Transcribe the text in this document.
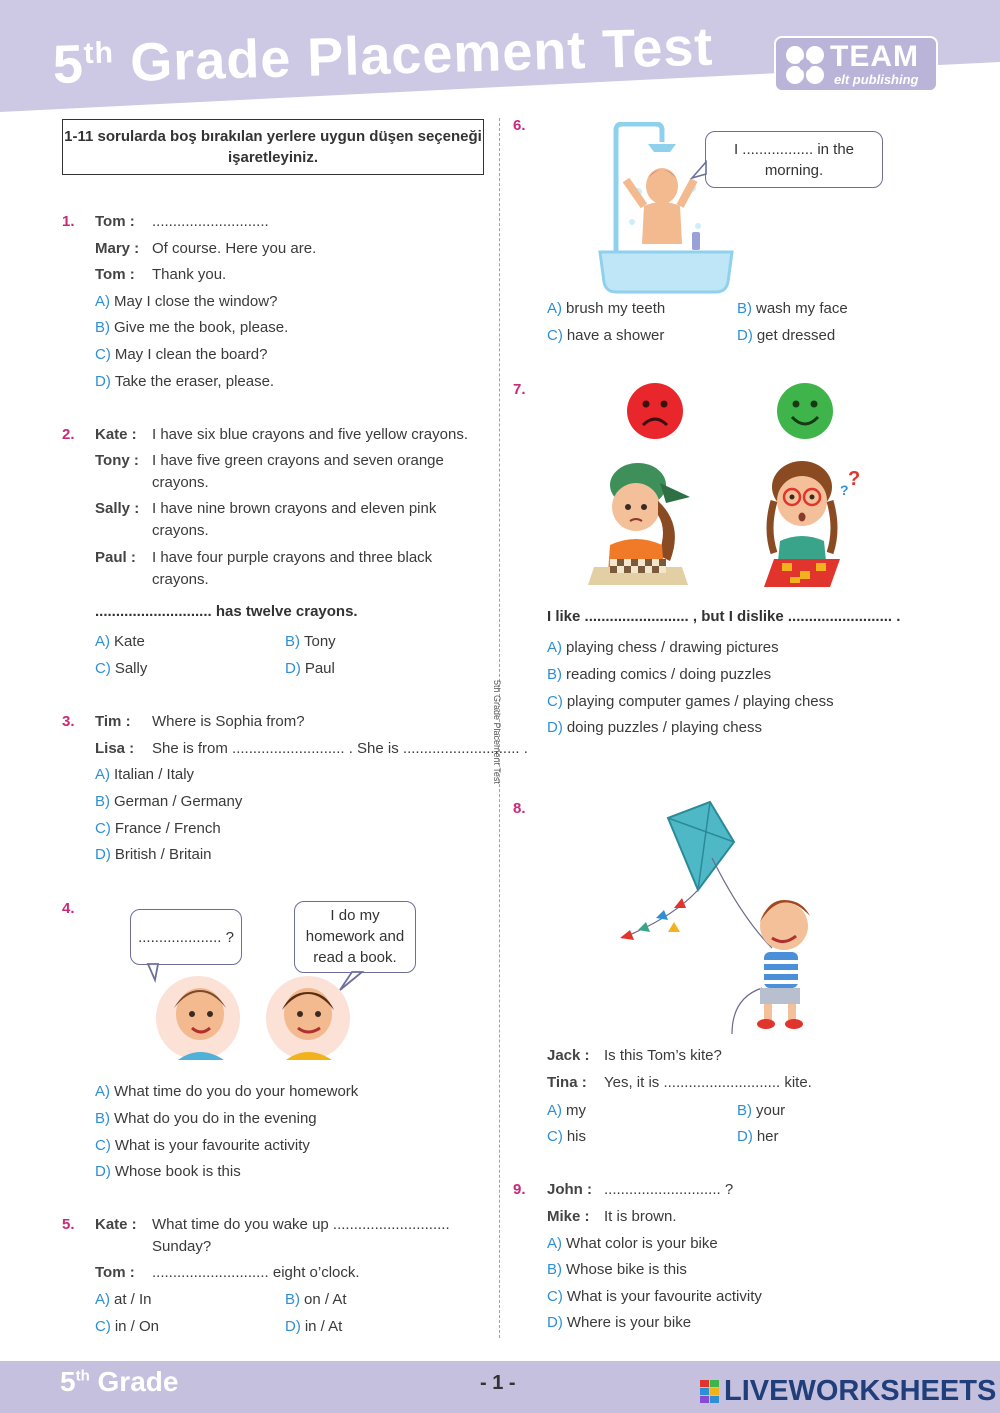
5th Grade Placement Test	TEAM
elt publishing
1-11 sorularda boş bırakılan yerlere uygun düşen seçeneği işaretleyiniz.
5th Grade Placement Test
1. Tom : ............................
Mary : Of course. Here you are.
Tom : Thank you.
A) May I close the window?
B) Give me the book, please.
C) May I clean the board?
D) Take the eraser, please.
2. Kate : I have six blue crayons and five yellow crayons.
Tony : I have five green crayons and seven orange
crayons.
Sally : I have nine brown crayons and eleven pink
crayons.
Paul : I have four purple crayons and three black
crayons.
............................ has twelve crayons.
A) Kate	B) Tony
C) Sally	D) Paul
3. Tim : Where is Sophia from?
Lisa : She is from ........................... . She is ............................ .
A) Italian / Italy
B) German / Germany
C) France / French
D) British / Britain
4.
.................... ?
I do my homework and read a book.
A) What time do you do your homework
B) What do you do in the evening
C) What is your favourite activity
D) Whose book is this
5. Kate : What time do you wake up ............................
Sunday?
Tom : ............................ eight o’clock.
A) at / In	B) on / At
C) in / On	D) in / At
6.
I ................. in the morning.
A) brush my teeth	B) wash my face
C) have a shower	D) get dressed
7.
?
?
I like ......................... , but I dislike ......................... .
A) playing chess / drawing pictures
B) reading comics / doing puzzles
C) playing computer games / playing chess
D) doing puzzles / playing chess
8.
Jack : Is this Tom’s kite?
Tina : Yes, it is ............................ kite.
A) my	B) your
C) his	D) her
9. John : ............................ ?
Mike : It is brown.
A) What color is your bike
B) Whose bike is this
C) What is your favourite activity
D) Where is your bike
5th Grade	- 1 -	LIVEWORKSHEETS
